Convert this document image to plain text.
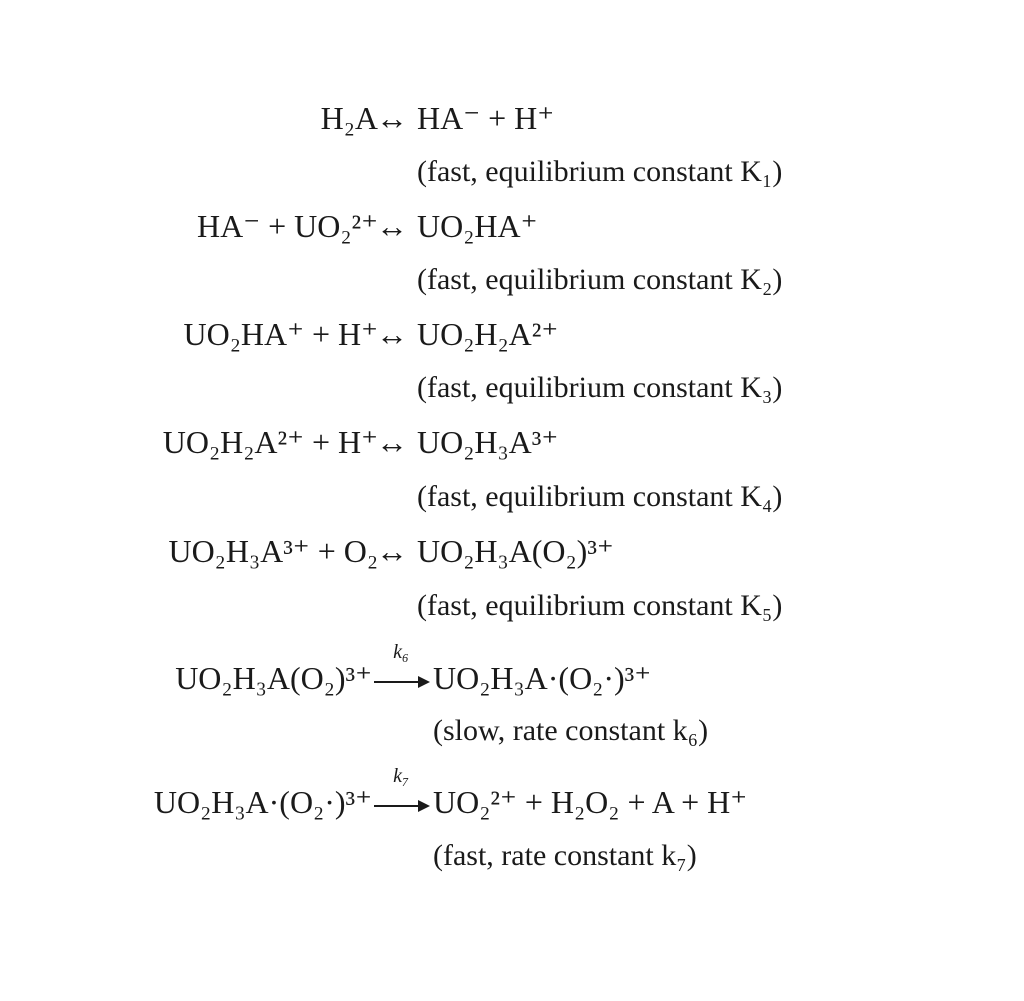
H₂A
↔ HA⁻ + H⁺
(fast, equilibrium constant K₁)
HA⁻ + UO₂²⁺
↔ UO₂HA⁺
(fast, equilibrium constant K₂)
UO₂HA⁺ + H⁺
↔ UO₂H₂A²⁺
(fast, equilibrium constant K₃)
UO₂H₂A²⁺ + H⁺
↔ UO₂H₃A³⁺
(fast, equilibrium constant K₄)
UO₂H₃A³⁺ + O₂
↔ UO₂H₃A(O₂)³⁺
(fast, equilibrium constant K₅)
UO₂H₃A(O₂)³⁺
k₆
UO₂H₃A·(O₂·)³⁺
(slow, rate constant k₆)
UO₂H₃A·(O₂·)³⁺
k₇
UO₂²⁺ + H₂O₂ + A + H⁺
(fast, rate constant k₇)
